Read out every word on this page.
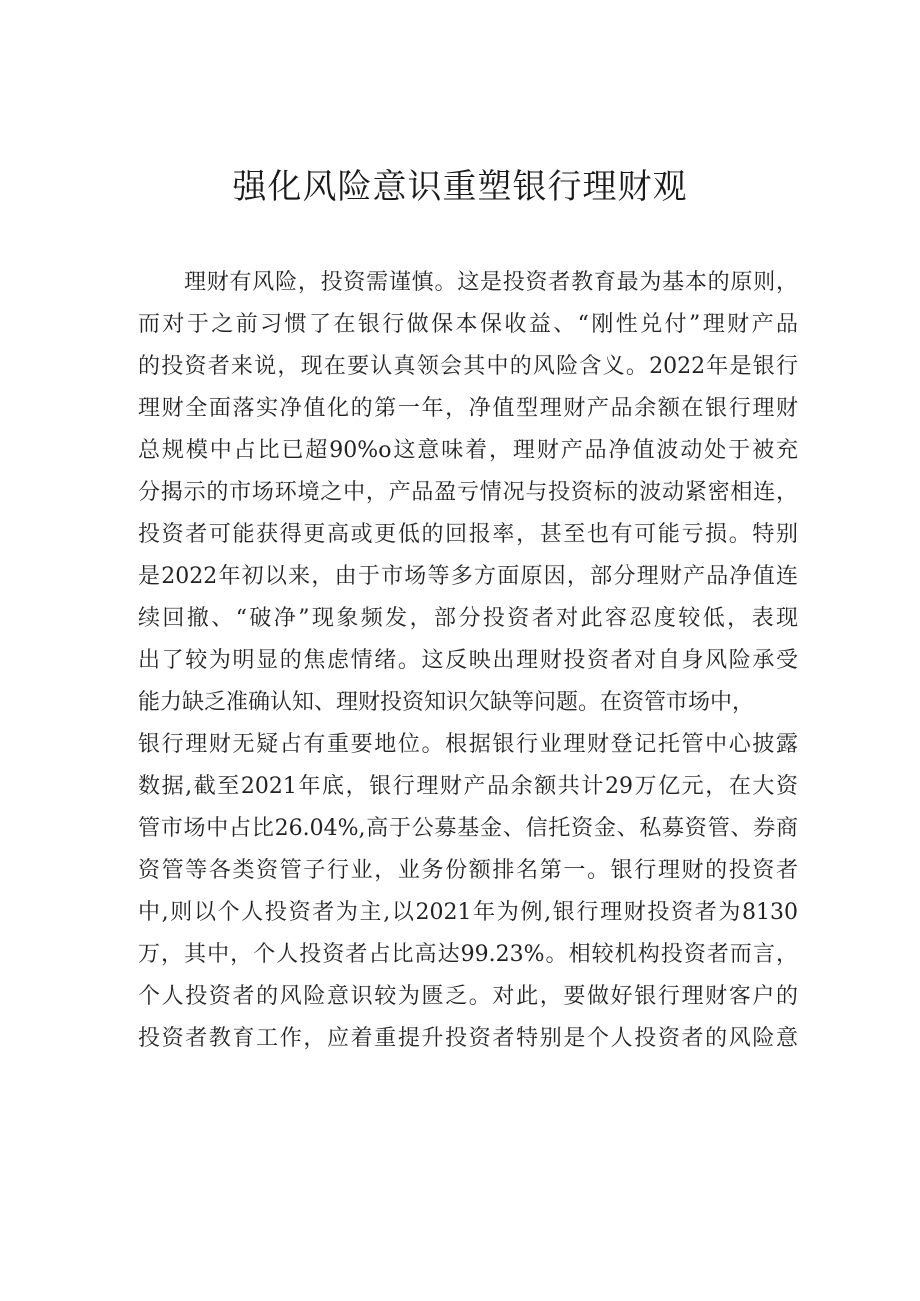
强化风险意识重塑银行理财观
理财有风险，投资需谨慎。这是投资者教育最为基本的原则，
而对于之前习惯了在银行做保本保收益、“刚性兑付”理财产品
的投资者来说，现在要认真领会其中的风险含义。2022年是银行
理财全面落实净值化的第一年，净值型理财产品余额在银行理财
总规模中占比已超90%o这意味着，理财产品净值波动处于被充
分揭示的市场环境之中，产品盈亏情况与投资标的波动紧密相连，
投资者可能获得更高或更低的回报率，甚至也有可能亏损。特别
是2022年初以来，由于市场等多方面原因，部分理财产品净值连
续回撤、“破净”现象频发，部分投资者对此容忍度较低，表现
出了较为明显的焦虑情绪。这反映出理财投资者对自身风险承受
能力缺乏准确认知、理财投资知识欠缺等问题。在资管市场中，
银行理财无疑占有重要地位。根据银行业理财登记托管中心披露
数据,截至2021年底，银行理财产品余额共计29万亿元，在大资
管市场中占比26.04%,高于公募基金、信托资金、私募资管、券商
资管等各类资管子行业，业务份额排名第一。银行理财的投资者
中,则以个人投资者为主,以2021年为例,银行理财投资者为8130
万，其中，个人投资者占比高达99.23%。相较机构投资者而言，
个人投资者的风险意识较为匮乏。对此，要做好银行理财客户的
投资者教育工作，应着重提升投资者特别是个人投资者的风险意
